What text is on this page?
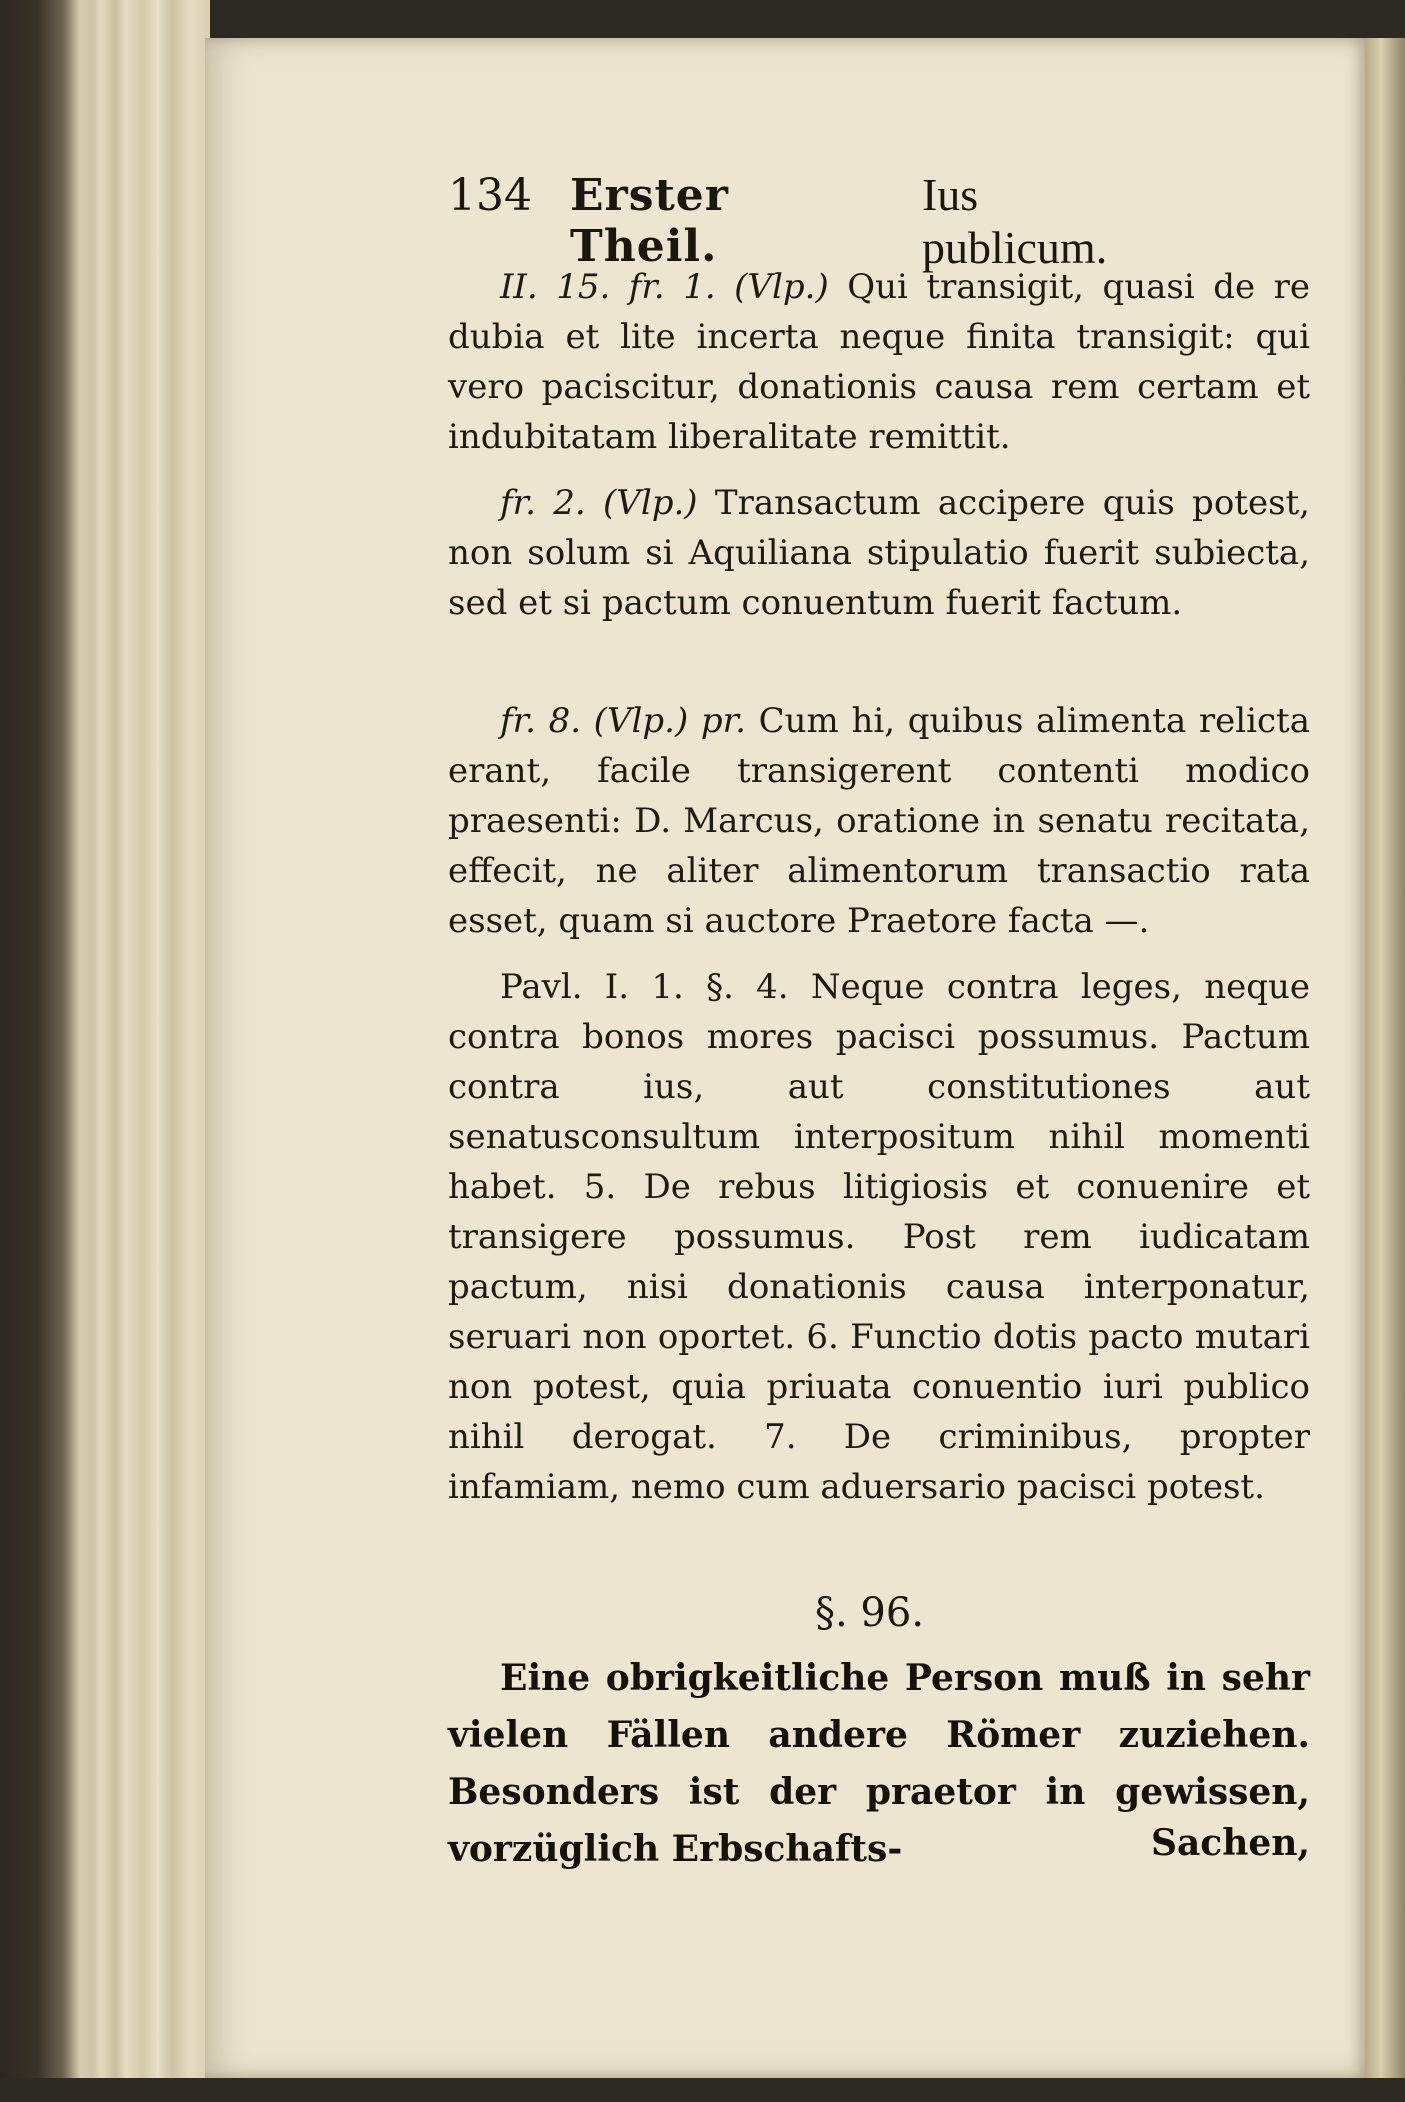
134 Erster Theil.
Ius publicum.

II. 15. fr. 1. (Vlp.) Qui transigit, quasi de re dubia et lite incerta neque finita transigit: qui vero paciscitur, donationis causa rem certam et indubitatam liberalitate remittit.

fr. 2. (Vlp.) Transactum accipere quis potest, non solum si Aquiliana stipulatio fuerit subiecta, sed et si pactum conuentum fuerit factum.

fr. 8. (Vlp.) pr. Cum hi, quibus alimenta relicta erant, facile transigerent contenti modico praesenti: D. Marcus, oratione in senatu recitata, effecit, ne aliter alimentorum transactio rata esset, quam si auctore Praetore facta —.

Pavl. I. 1. §. 4. Neque contra leges, neque contra bonos mores pacisci possumus. Pactum contra ius, aut constitutiones aut senatusconsultum interpositum nihil momenti habet. 5. De rebus litigiosis et conuenire et transigere possumus. Post rem iudicatam pactum, nisi donationis causa interponatur, seruari non oportet. 6. Functio dotis pacto mutari non potest, quia priuata conuentio iuri publico nihil derogat. 7. De criminibus, propter infamiam, nemo cum aduersario pacisci potest.

§. 96.

Eine obrigkeitliche Person muß in sehr vielen Fällen andere Römer zuziehen. Besonders ist der praetor in gewissen, vorzüglich Erbschafts-	Sachen,
